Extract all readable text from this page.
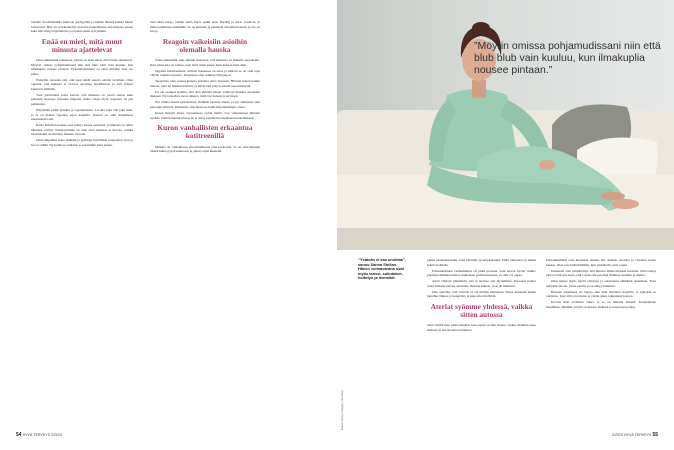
osittain Stockmannilla kumoon parhyymin ja kaikki ihastui kaikki hänen loistavasti. Hän oli työskennellyt nuorena kaupallisena kirjoittajana ennen kuin hän siirtyi näyttämölle ja perusti oman työryhmän.

Enää en mieti, mitä muut minusta ajattelevat

Olen elämässäni vaiheessa, jolloin en enää mieti, mitä muut ajattelevat. Möyrin omissa pohjamudissani niin että blub blub vain kuuluu, kun ilmakuplia nousee pintaan. Epäonnistuminen on ollut minulle aina iso pelko.

Nykyään rakastan sitä, että saan tehdä asioita omalla tavallani. Olen oppinut, että kaikkea ei tarvitse suorittaa täydellisesti ja että virheet kuuluvat elämään.

Yksi ystävistäni sanoi kerran, että minussa on jotain samaa kuin pienessä lapsessa: innostun helposti, mutta väsyn myös nopeasti. Se piti paikkansa.

Näytelläni pidän työnäni ja vapautuksena. Lavalla saan olla joku muu, ja se on ihanaa vapautta arjen keskellä. Teatteri on ollut intohimoni nuoruudesta asti.

Kaisa Pelttalan kanssa olen tehnyt monia esityksiä, ja hänestä on tullut läheinen ystävä. Yhteistyömme on aina ollut hauskaa ja luovaa, vaikka haasteitakin on riittänyt matkan varrella.

Olen rimpuillut koko elämäni ja pyrkinyt löytämään tasapainon työn ja levon välillä. Nykyään se onnistuu jo paremmin kuin ennen.

taan näitä tuloja, vaikka stella myös palkit taan. Darling ja derar voisiivat, ja muka puhuttaan enemmän. Se on kuuntua ja pehmeää vieraiden kanssa, ja olo on kevyt.

Reagoin vaikeisiin asioihin olemalla hauska

Vasta aikuisiällä olen alkanut tiedostaa, että huumori on minulle suojakeino. Kun jokin asia on vaikea, teen siitä vitsin ennen kuin kukaan muu ehtii.

Oppinut huomaamaan, milloin hauskuus on aitoa ja milloin se on vain tapa välttää vaikeita tunteita. Terapiassa olen tutkinut tätä paljon.

Terapiasta olen saanut keinoja kohdata omat tunteeni. Hävisin kauan kaikki tunteet, joita en halunnut tuntea, ja kävin läpi paljon asioita nuoruudestani.

En ole osannut ajatella, että olen pitkään tehnyt valintoja muiden odotusten mukaan. Nyt uskallan sanoa ääneen, mitä itse haluan ja tarvitsen.

Nyt minua itsestä epäonnistua. Pelkkää lapsena alussa, ja nyt aikuisena olen kasvanut siitä irti. Ilmeisesti olen menossa kohti karjalaisempaa otetta.

Kuten mentyä aikaa, lapsuudessa opitut mallit ovat vaikuttaneet minuun syvästi. Olen halunnut rikkoa ne ja antaa lapsilleni toisenlaisen kokemuksen.

Kuron vanhallisten erkaantua kotitreenillä

Minulla on vanhallisten erkaantumiseen oma kotitreeni. Se on ollut minulle tärkeä keino pysyä kunnossa ja jaksaa arjen keskellä.

54 HYVÄ TERVEYS 2/2023
”Möyrin omissa pohjamudissani niin että blub blub vain kuuluu, kun ilmakuplia nousee pintaan.”
”Ystävän ei saa unohtaa”, sanoo Sanna Stellan. Hänen voimavarana ovat myös tanssi, sukulaiset, hoitotyö ja lemmikit.
Kuvat: Getty Images / Stocksy

pahan oksennustaudin. Joka käyntini syventyksessäni. Ehkä ylihuoltoa ja siihen kohtia kohdalle.

Erkaantuminen vanhemmista oli pitkä prosessi. Sain kerran hyvän vinkin: jokainen ihminen kantaa mukanaan perhetaustaansa, ja siitä voi oppia.

Aloin vihdoin ymmärtää, että ei tarvitse olla täydellinen. Personal trainer sanoi minulle kerran, että keho muistaa kaiken, ja se jäi mieleeni.

Olin ajatellut, että vaivalle ei ole mitään tehtävissä. Sitten tutustuin uusiin tapoihin liikkua ja hengittää, ja kipu alkoi hellittää.

Aterlat syömme yhdessä, vaikka sitten autossa

Olen välillä ihan pinna kireänä, kun lapsia on niin monta. Joskus mamma tulee mukaan ja silloin kertaa tunnissa.

Parhaimmillani olen kuitenkin hauska äiti. Keksin rarrasita ja vitsailen lasten kanssa. Olen taas hellimmillään, kun ymmärrän omat rajani.

Ilmeisesti olen ymmärtänyt, että muutos lähtee minusta itsestäni. Olen tehnyt paljon töitä sen eteen, että voisin olla parempi ihminen itselleni ja muille.

Olen tehnyt myös hyviä valintoja ja rakentanut elämääni uudelleen. Teen nykyään asioita, joista nautin, ja se näkyy kaikessa.

Haasten tekemisen eri tapoja olen aina halunnut kokeilla, ja nykyään se onnistuu. Teen töitä, harrastan ja vietän aikaa rakkaideni kanssa.

Kotona ihan tavallista arkea, ja se on minulle tärkeää. Kuunnellaan musiikkia, nähdään ystäviä, kokataan yhdessä ja nauretaan paljon.

2/2023 HYVÄ TERVEYS 55
